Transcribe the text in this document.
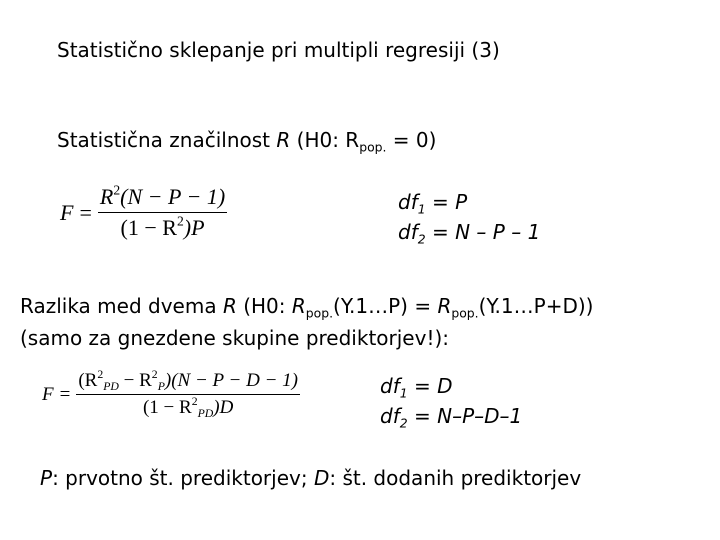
Statistično sklepanje pri multipli regresiji (3)
Statistična značilnost R (H0: $R_{pop.} = 0$)
$F = \frac{R^2(N - P - 1)}{(1 - R^2)P}$	$df_1 = P$
$df_2 = N - P - 1$
Razlika med dvema R (H0: $R_{pop.}(Y.1\dots P)$ = $R_{pop.}(Y.1\dots P+D)$)
(samo za gnezdene skupine prediktorjev!):
$F = \frac{(R^2_{PD} - R^2_P)(N - P - D - 1)}{(1 - R^2_{PD})D}$	$df_1 = D$
$df_2 = N-P-D-1$
P: prvotno št. prediktorjev; D: št. dodanih prediktorjev
